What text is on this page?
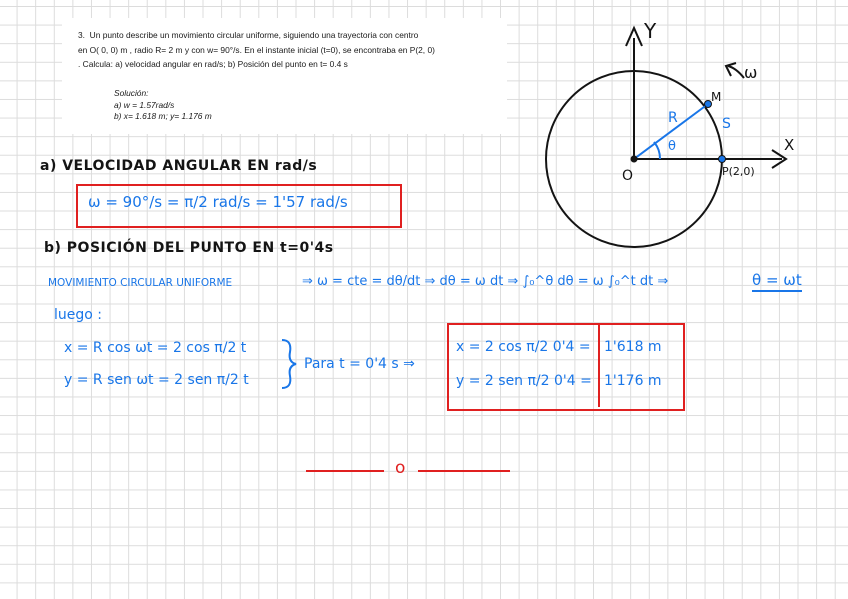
3. Un punto describe un movimiento circular uniforme, siguiendo una trayectoria con centro
en O( 0, 0) m , radio R= 2 m y con w= 90°/s. En el instante inicial (t=0), se encontraba en P(2, 0)
. Calcula: a) velocidad angular en rad/s; b) Posición del punto en t= 0.4 s
Solución:
a) w = 1.57rad/s
b) x= 1.618 m; y= 1.176 m
Y
X
O
M
P(2,0)
R
θ
S
ω
a) VELOCIDAD ANGULAR EN rad/s
ω = 90°/s = π/2 rad/s = 1'57 rad/s
b) POSICIÓN DEL PUNTO EN t=0'4s
MOVIMIENTO CIRCULAR UNIFORME	⇒ ω = cte = dθ/dt ⇒ dθ = ω dt ⇒ ∫₀^θ dθ = ω ∫₀^t dt ⇒	θ = ωt
luego :
x = R cos ωt = 2 cos π/2 t
y = R sen ωt = 2 sen π/2 t
Para t = 0'4 s ⇒
x = 2 cos π/2 0'4 = 1'618 m
y = 2 sen π/2 0'4 = 1'176 m
o
